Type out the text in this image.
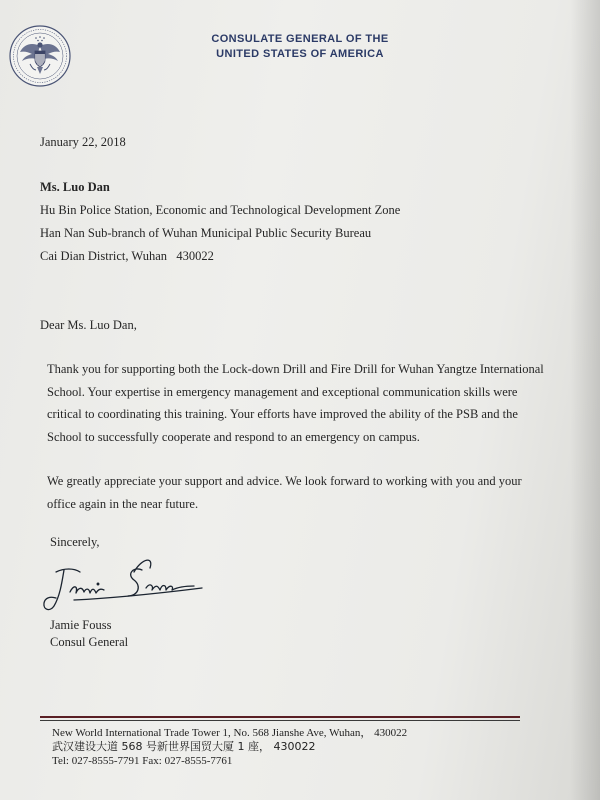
CONSULATE GENERAL OF THE
UNITED STATES OF AMERICA
January 22, 2018
Ms. Luo Dan
Hu Bin Police Station, Economic and Technological Development Zone
Han Nan Sub-branch of Wuhan Municipal Public Security Bureau
Cai Dian District, Wuhan   430022
Dear Ms. Luo Dan,
Thank you for supporting both the Lock-down Drill and Fire Drill for Wuhan Yangtze International School. Your expertise in emergency management and exceptional communication skills were critical to coordinating this training. Your efforts have improved the ability of the PSB and the School to successfully cooperate and respond to an emergency on campus.
We greatly appreciate your support and advice. We look forward to working with you and your office again in the near future.
Sincerely,
Jamie Fouss
Consul General
New World International Trade Tower 1, No. 568 Jianshe Ave, Wuhan， 430022
武汉建设大道 568 号新世界国贸大厦 1 座， 430022
Tel: 027-8555-7791 Fax: 027-8555-7761
